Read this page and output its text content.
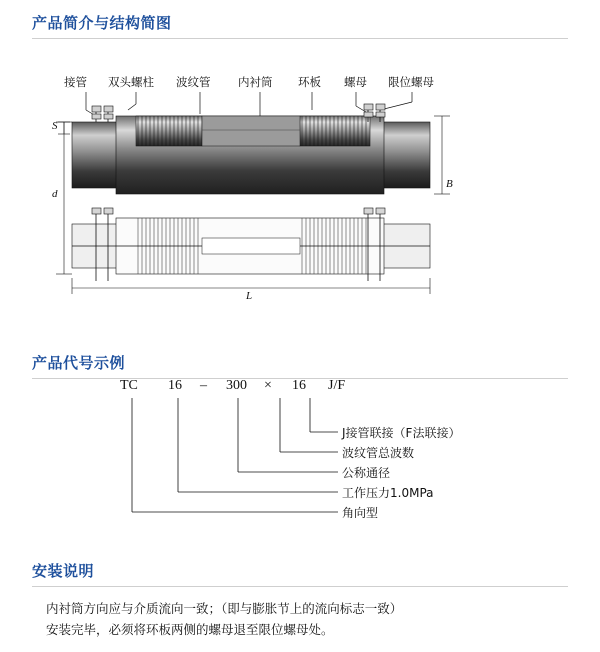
产品简介与结构简图
接管 双头螺柱 波纹管 内衬筒 环板 螺母 限位螺母
S
d
B
L
产品代号示例
TC 16 – 300 × 16 J/F
J接管联接（F法联接）
波纹管总波数
公称通径
工作压力1.0MPa
角向型
安装说明
内衬筒方向应与介质流向一致；（即与膨胀节上的流向标志一致）
安装完毕，必须将环板两侧的螺母退至限位螺母处。
